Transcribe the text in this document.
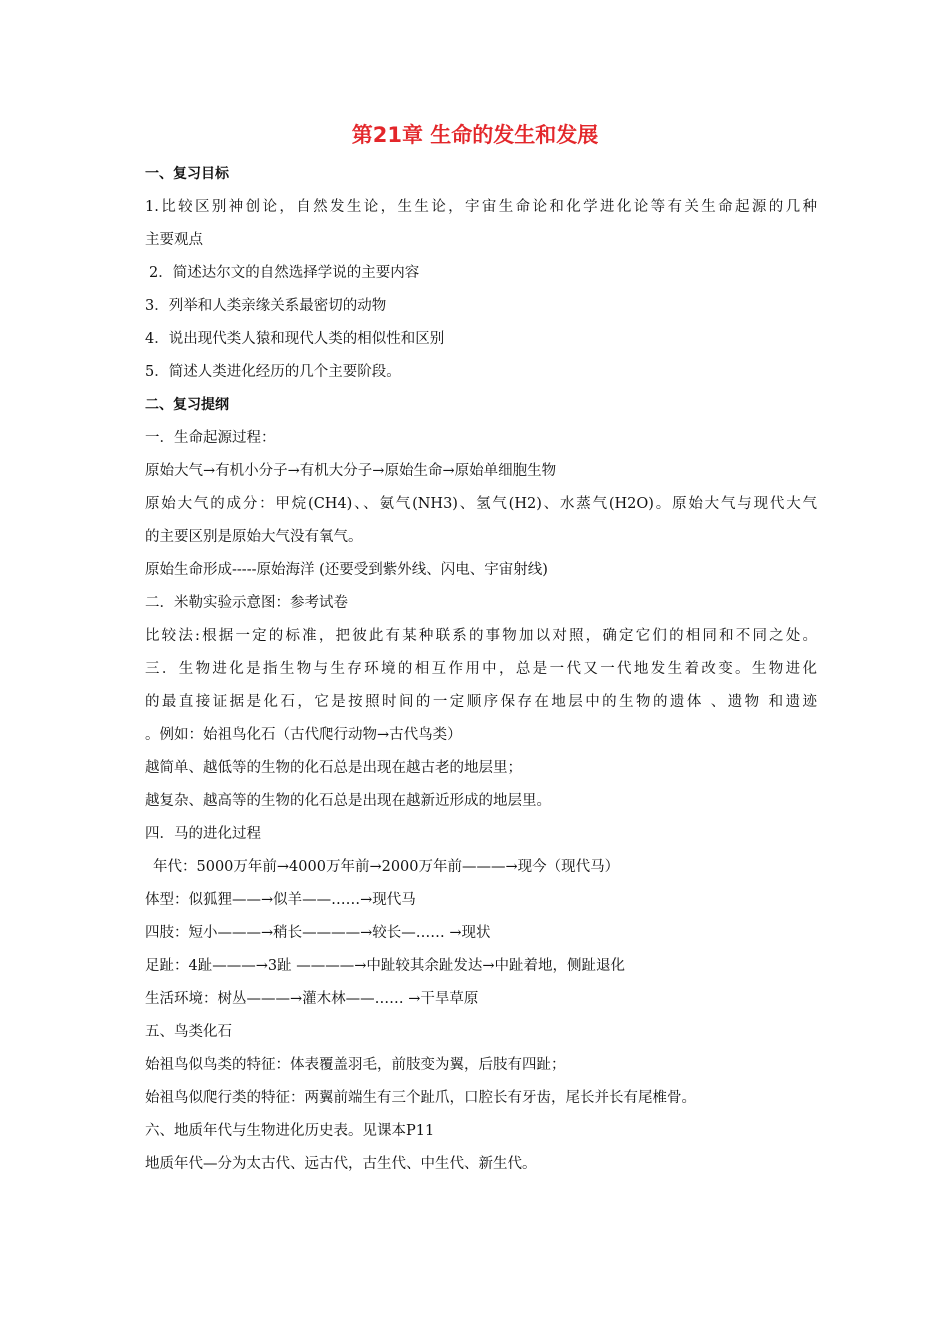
第21章 生命的发生和发展

一、复习目标

1.比较区别神创论，自然发生论，生生论，宇宙生命论和化学进化论等有关生命起源的几种

主要观点

2．简述达尔文的自然选择学说的主要内容

3．列举和人类亲缘关系最密切的动物

4．说出现代类人猿和现代人类的相似性和区别

5．简述人类进化经历的几个主要阶段。

二、复习提纲

一．生命起源过程：

原始大气→有机小分子→有机大分子→原始生命→原始单细胞生物

原始大气的成分：甲烷(CH4)、、氨气(NH3)、氢气(H2)、水蒸气(H2O)。原始大气与现代大气

的主要区别是原始大气没有氧气。

原始生命形成-----原始海洋 (还要受到紫外线、闪电、宇宙射线)

二．米勒实验示意图：参考试卷

比较法:根据一定的标准，把彼此有某种联系的事物加以对照，确定它们的相同和不同之处。

三．生物进化是指生物与生存环境的相互作用中，总是一代又一代地发生着改变。生物进化

的最直接证据是化石，它是按照时间的一定顺序保存在地层中的生物的遗体 、遗物 和遗迹

。例如：始祖鸟化石（古代爬行动物→古代鸟类）

越简单、越低等的生物的化石总是出现在越古老的地层里；

越复杂、越高等的生物的化石总是出现在越新近形成的地层里。

四．马的进化过程

年代：5000万年前→4000万年前→2000万年前———→现今（现代马）

体型：似狐狸——→似羊——……→现代马

四肢：短小———→稍长————→较长—…… →现状

足趾：4趾———→3趾 ————→中趾较其余趾发达→中趾着地，侧趾退化

生活环境：树丛———→灌木林——…… →干旱草原

五、鸟类化石

始祖鸟似鸟类的特征：体表覆盖羽毛，前肢变为翼，后肢有四趾；

始祖鸟似爬行类的特征：两翼前端生有三个趾爪，口腔长有牙齿，尾长并长有尾椎骨。

六、地质年代与生物进化历史表。见课本P11

地质年代—分为太古代、远古代，古生代、中生代、新生代。
